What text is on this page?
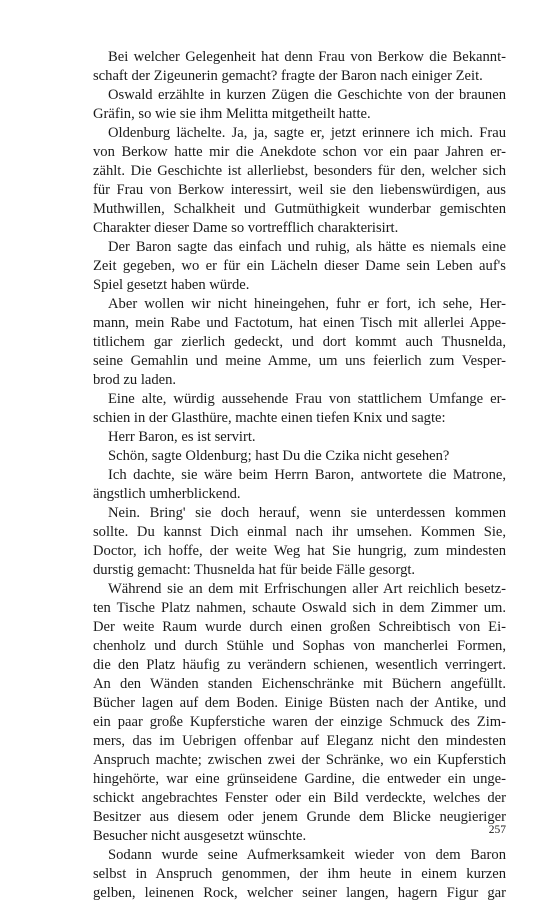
Bei welcher Gelegenheit hat denn Frau von Berkow die Bekannt-
schaft der Zigeunerin gemacht? fragte der Baron nach einiger Zeit.
Oswald erzählte in kurzen Zügen die Geschichte von der braunen
Gräfin, so wie sie ihm Melitta mitgetheilt hatte.
Oldenburg lächelte. Ja, ja, sagte er, jetzt erinnere ich mich. Frau
von Berkow hatte mir die Anekdote schon vor ein paar Jahren er-
zählt. Die Geschichte ist allerliebst, besonders für den, welcher sich
für Frau von Berkow interessirt, weil sie den liebenswürdigen, aus
Muthwillen, Schalkheit und Gutmüthigkeit wunderbar gemischten
Charakter dieser Dame so vortrefflich charakterisirt.
Der Baron sagte das einfach und ruhig, als hätte es niemals eine
Zeit gegeben, wo er für ein Lächeln dieser Dame sein Leben auf's
Spiel gesetzt haben würde.
Aber wollen wir nicht hineingehen, fuhr er fort, ich sehe, Her-
mann, mein Rabe und Factotum, hat einen Tisch mit allerlei Appe-
titlichem gar zierlich gedeckt, und dort kommt auch Thusnelda,
seine Gemahlin und meine Amme, um uns feierlich zum Vesper-
brod zu laden.
Eine alte, würdig aussehende Frau von stattlichem Umfange er-
schien in der Glasthüre, machte einen tiefen Knix und sagte:
Herr Baron, es ist servirt.
Schön, sagte Oldenburg; hast Du die Czika nicht gesehen?
Ich dachte, sie wäre beim Herrn Baron, antwortete die Matrone,
ängstlich umherblickend.
Nein. Bring' sie doch herauf, wenn sie unterdessen kommen
sollte. Du kannst Dich einmal nach ihr umsehen. Kommen Sie,
Doctor, ich hoffe, der weite Weg hat Sie hungrig, zum mindesten
durstig gemacht: Thusnelda hat für beide Fälle gesorgt.
Während sie an dem mit Erfrischungen aller Art reichlich besetz-
ten Tische Platz nahmen, schaute Oswald sich in dem Zimmer um.
Der weite Raum wurde durch einen großen Schreibtisch von Ei-
chenholz und durch Stühle und Sophas von mancherlei Formen,
die den Platz häufig zu verändern schienen, wesentlich verringert.
An den Wänden standen Eichenschränke mit Büchern angefüllt.
Bücher lagen auf dem Boden. Einige Büsten nach der Antike, und
ein paar große Kupferstiche waren der einzige Schmuck des Zim-
mers, das im Uebrigen offenbar auf Eleganz nicht den mindesten
Anspruch machte; zwischen zwei der Schränke, wo ein Kupferstich
hingehörte, war eine grünseidene Gardine, die entweder ein unge-
schickt angebrachtes Fenster oder ein Bild verdeckte, welches der
Besitzer aus diesem oder jenem Grunde dem Blicke neugieriger
Besucher nicht ausgesetzt wünschte.
Sodann wurde seine Aufmerksamkeit wieder von dem Baron
selbst in Anspruch genommen, der ihm heute in einem kurzen
gelben, leinenen Rock, welcher seiner langen, hagern Figur gar
257
